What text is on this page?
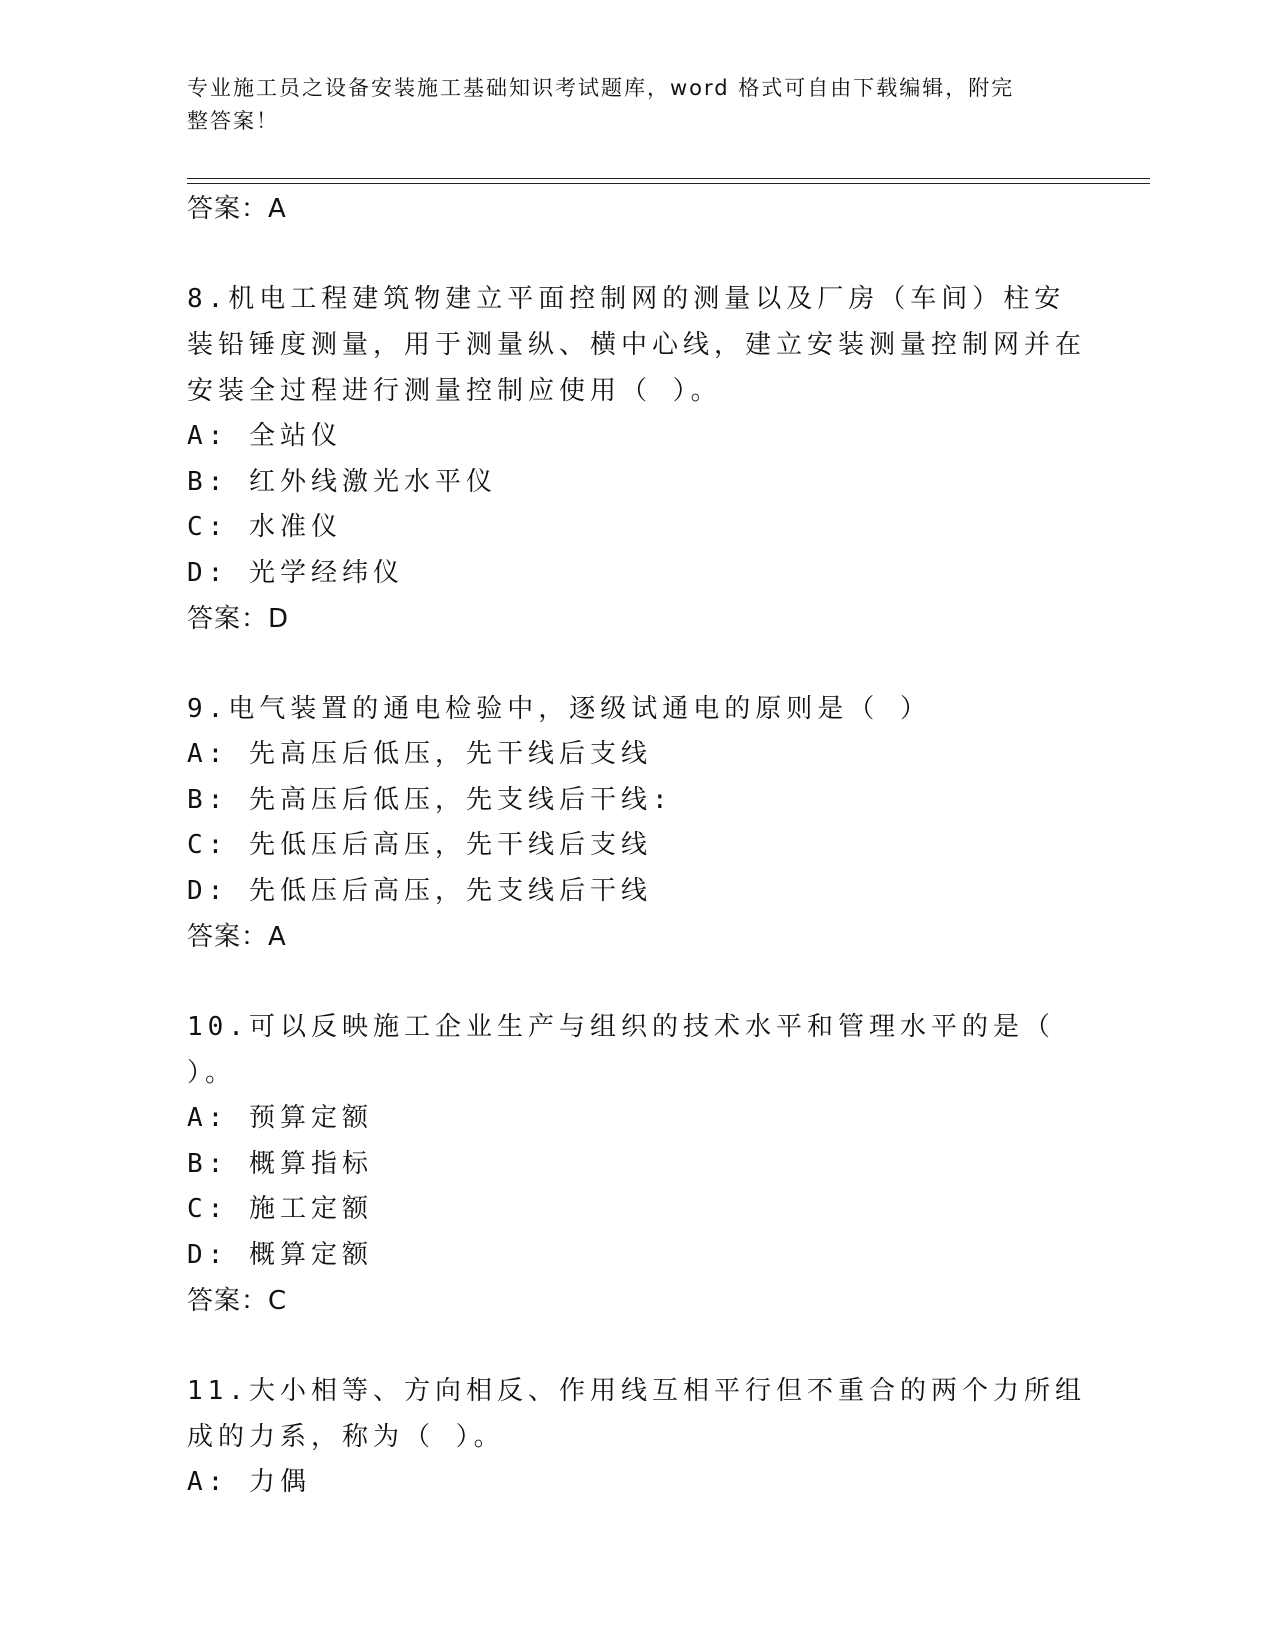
专业施工员之设备安装施工基础知识考试题库，word 格式可自由下载编辑，附完
整答案！
答案：A
8.机电工程建筑物建立平面控制网的测量以及厂房（车间）柱安装铅锤度测量，用于测量纵、横中心线，建立安装测量控制网并在安装全过程进行测量控制应使用（ ）。
A: 全站仪
B: 红外线激光水平仪
C: 水准仪
D: 光学经纬仪
答案：D
9.电气装置的通电检验中，逐级试通电的原则是（ ）
A: 先高压后低压，先干线后支线
B: 先高压后低压，先支线后干线:
C: 先低压后高压，先干线后支线
D: 先低压后高压，先支线后干线
答案：A
10.可以反映施工企业生产与组织的技术水平和管理水平的是（ ）。
A: 预算定额
B: 概算指标
C: 施工定额
D: 概算定额
答案：C
11.大小相等、方向相反、作用线互相平行但不重合的两个力所组成的力系，称为（ ）。
A: 力偶
